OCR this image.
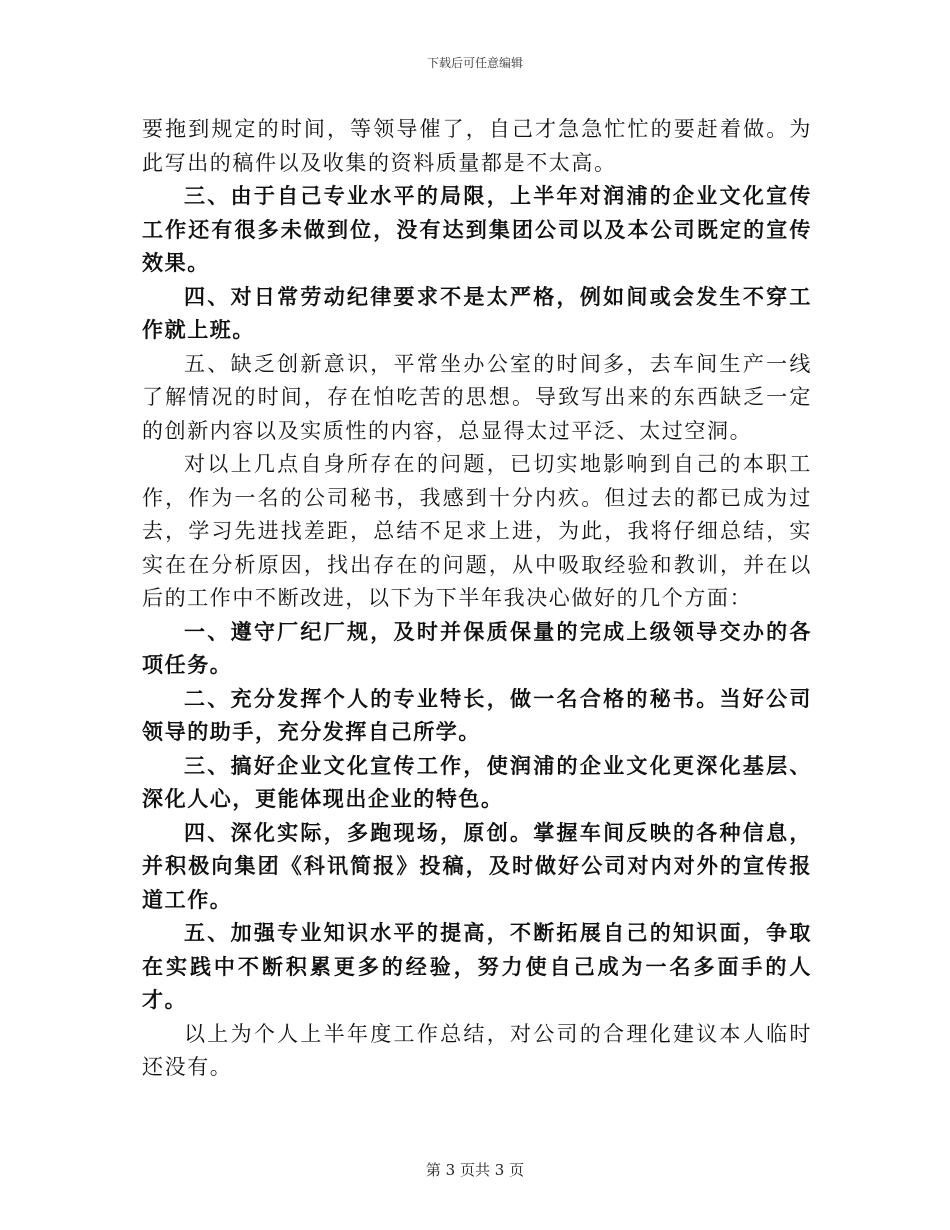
下载后可任意编辑

要拖到规定的时间，等领导催了，自己才急急忙忙的要赶着做。为此写出的稿件以及收集的资料质量都是不太高。

三、由于自己专业水平的局限，上半年对润浦的企业文化宣传工作还有很多未做到位，没有达到集团公司以及本公司既定的宣传效果。

四、对日常劳动纪律要求不是太严格，例如间或会发生不穿工作就上班。

五、缺乏创新意识，平常坐办公室的时间多，去车间生产一线了解情况的时间，存在怕吃苦的思想。导致写出来的东西缺乏一定的创新内容以及实质性的内容，总显得太过平泛、太过空洞。

对以上几点自身所存在的问题，已切实地影响到自己的本职工作，作为一名的公司秘书，我感到十分内疚。但过去的都已成为过去，学习先进找差距，总结不足求上进，为此，我将仔细总结，实实在在分析原因，找出存在的问题，从中吸取经验和教训，并在以后的工作中不断改进，以下为下半年我决心做好的几个方面：

一、遵守厂纪厂规，及时并保质保量的完成上级领导交办的各项任务。

二、充分发挥个人的专业特长，做一名合格的秘书。当好公司领导的助手，充分发挥自己所学。

三、搞好企业文化宣传工作，使润浦的企业文化更深化基层、深化人心，更能体现出企业的特色。

四、深化实际，多跑现场，原创。掌握车间反映的各种信息，并积极向集团《科讯简报》投稿，及时做好公司对内对外的宣传报道工作。

五、加强专业知识水平的提高，不断拓展自己的知识面，争取在实践中不断积累更多的经验，努力使自己成为一名多面手的人才。

以上为个人上半年度工作总结，对公司的合理化建议本人临时还没有。

第 3 页共 3 页
